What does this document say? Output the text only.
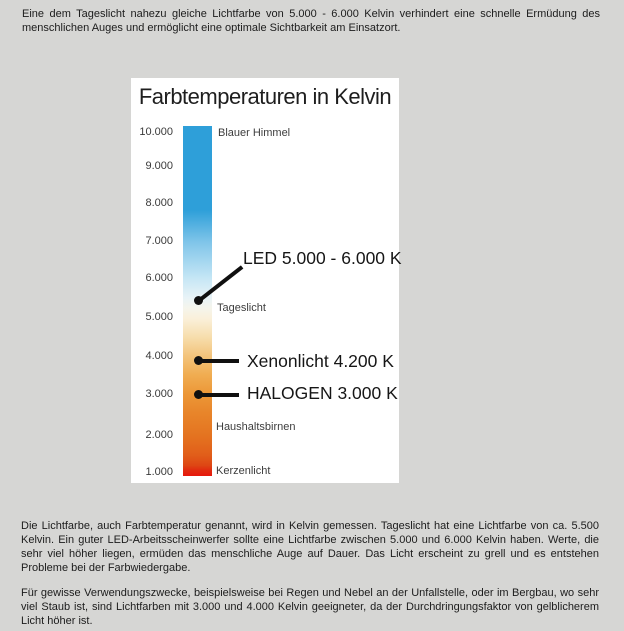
Eine dem Tageslicht nahezu gleiche Lichtfarbe von 5.000 - 6.000 Kelvin verhindert eine schnelle Ermüdung des menschlichen Auges und ermöglicht eine optimale Sichtbarkeit am Einsatzort.

Farbtemperaturen in Kelvin
10.000
9.000
8.000
7.000
6.000
5.000
4.000
3.000
2.000
1.000
Blauer Himmel
Tageslicht
Haushaltsbirnen
Kerzenlicht
LED 5.000 - 6.000 K
Xenonlicht 4.200 K
HALOGEN 3.000 K

Die Lichtfarbe, auch Farbtemperatur genannt, wird in Kelvin gemessen. Tageslicht hat eine Lichtfarbe von ca. 5.500 Kelvin. Ein guter LED-Arbeitsscheinwerfer sollte eine Lichtfarbe zwischen 5.000 und 6.000 Kelvin haben. Werte, die sehr viel höher liegen, ermüden das menschliche Auge auf Dauer. Das Licht erscheint zu grell und es entstehen Probleme bei der Farbwiedergabe.

Für gewisse Verwendungszwecke, beispielsweise bei Regen und Nebel an der Unfallstelle, oder im Bergbau, wo sehr viel Staub ist, sind Lichtfarben mit 3.000 und 4.000 Kelvin geeigneter, da der Durchdringungsfaktor von gelblicherem Licht höher ist.
